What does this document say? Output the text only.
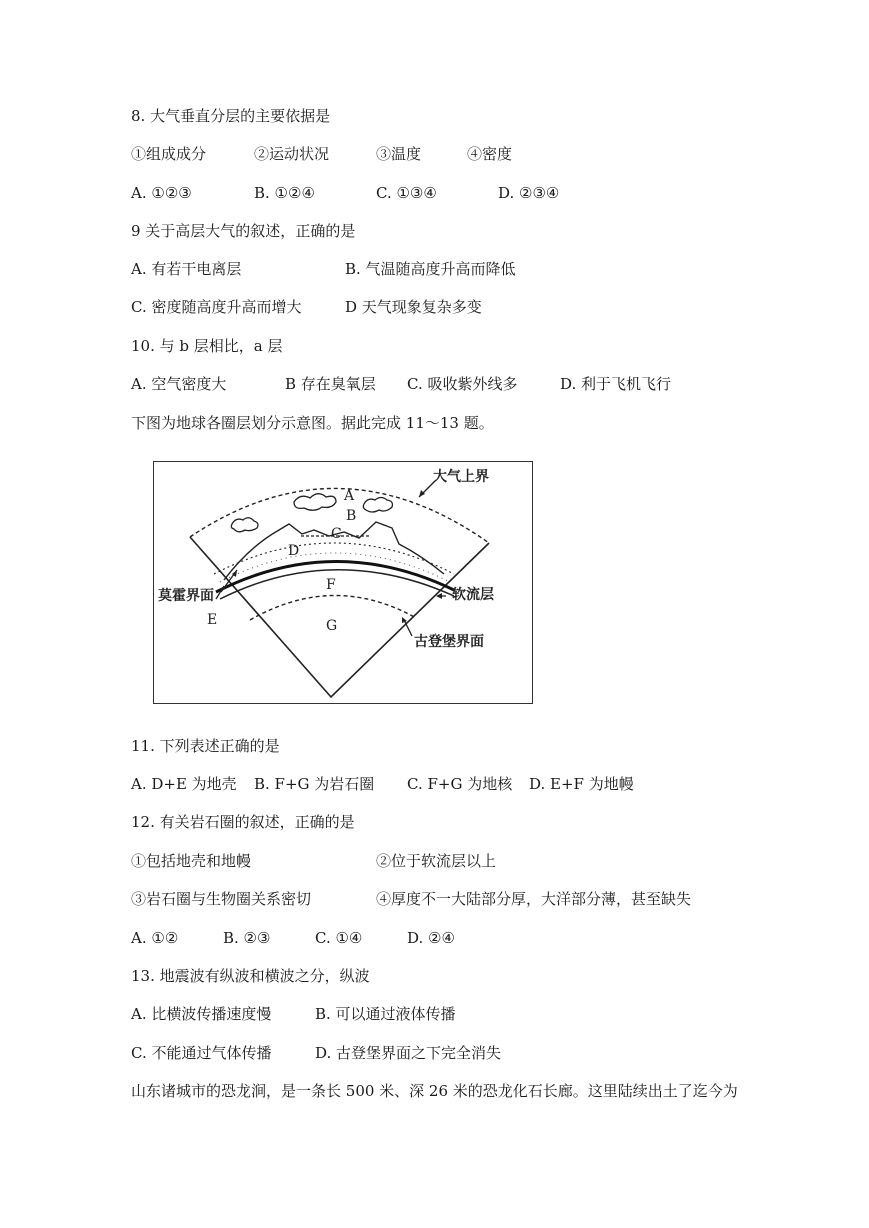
8. 大气垂直分层的主要依据是
①组成成分	②运动状况	③温度	④密度
A. ①②③	B. ①②④	C. ①③④	D. ②③④
9 关于高层大气的叙述，正确的是
A. 有若干电离层	B. 气温随高度升高而降低
C. 密度随高度升高而增大	D 天气现象复杂多变
10. 与 b 层相比，a 层
A. 空气密度大	B 存在臭氧层 C. 吸收紫外线多	D. 利于飞机飞行
下图为地球各圈层划分示意图。据此完成 11～13 题。
大气上界
莫霍界面	软流层
古登堡界面
A
B
C
D
E
F
G
11. 下列表述正确的是
A. D+E 为地壳 B. F+G 为岩石圈 C. F+G 为地核 D. E+F 为地幔
12. 有关岩石圈的叙述，正确的是
①包括地壳和地幔	②位于软流层以上
③岩石圈与生物圈关系密切	④厚度不一大陆部分厚，大洋部分薄，甚至缺失
A. ①②	B. ②③	C. ①④	D. ②④
13. 地震波有纵波和横波之分，纵波
A. 比横波传播速度慢	B. 可以通过液体传播
C. 不能通过气体传播	D. 古登堡界面之下完全消失
山东诸城市的恐龙涧，是一条长 500 米、深 26 米的恐龙化石长廊。这里陆续出土了迄今为
